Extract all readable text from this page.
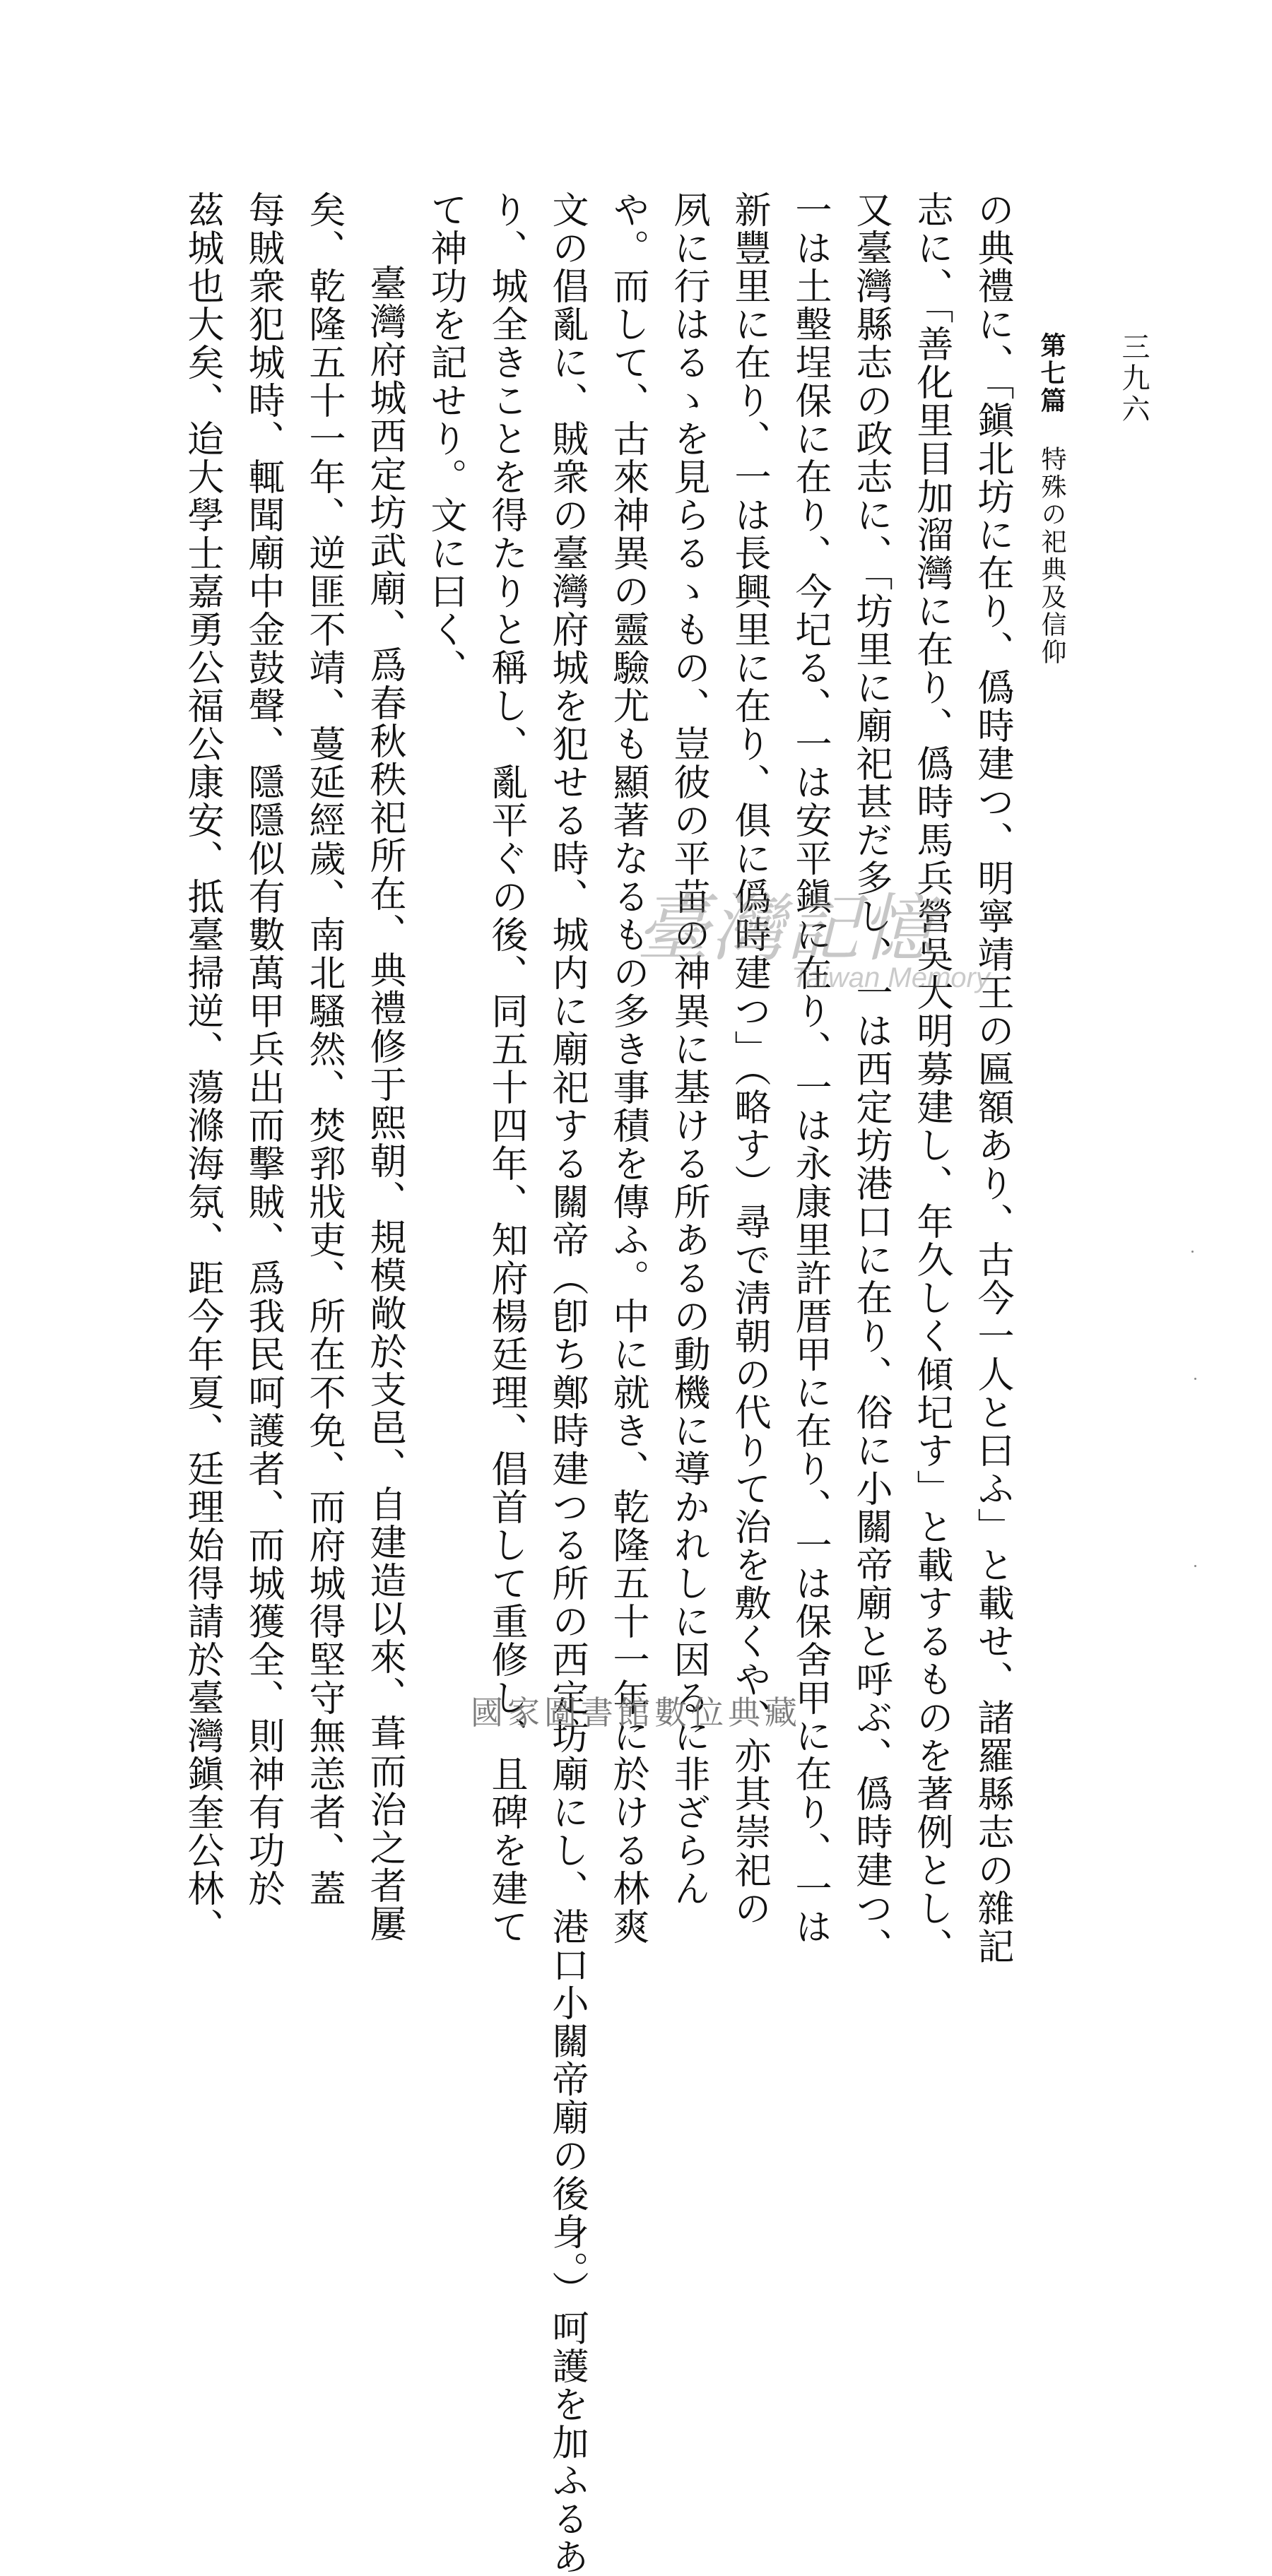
三九六
第七篇特殊の祀典及信仰
の典禮に、「鎭北坊に在り、僞時建つ、明寧靖王の匾額あり、古今一人と曰ふ」と載せ、諸羅縣志の雜記
志に、「善化里目加溜灣に在り、僞時馬兵營吳大明募建し、年久しく傾圮す」と載するものを著例とし、
又臺灣縣志の政志に、「坊里に廟祀甚だ多し、一は西定坊港口に在り、俗に小關帝廟と呼ぶ、僞時建つ、
一は土墼埕保に在り、今圮る、一は安平鎭に在り、一は永康里許厝甲に在り、一は保舍甲に在り、一は
新豐里に在り、一は長興里に在り、俱に僞時建つ」（略す）尋で淸朝の代りて治を敷くや、亦其崇祀の
夙に行はるゝを見らるゝもの、豈彼の平苗の神異に基ける所あるの動機に導かれしに因るに非ざらん
や。而して、古來神異の靈驗尤も顯著なるもの多き事積を傳ふ。中に就き、乾隆五十一年に於ける林爽
文の倡亂に、賊衆の臺灣府城を犯せる時、城内に廟祀する關帝（卽ち鄭時建つる所の西定坊廟にし、港口小關帝廟の後身。）呵護を加ふるあ
り、城全きことを得たりと稱し、亂平ぐの後、同五十四年、知府楊廷理、倡首して重修し、且碑を建て
て神功を記せり。文に曰く、
臺灣府城西定坊武廟、爲春秋秩祀所在、典禮修于熙朝、規模敞於支邑、自建造以來、葺而治之者屢
矣、乾隆五十一年、逆匪不靖、蔓延經歲、南北騷然、焚郛戕吏、所在不免、而府城得堅守無恙者、蓋
每賊衆犯城時、輒聞廟中金鼓聲、隱隱似有數萬甲兵出而擊賊、爲我民呵護者、而城獲全、則神有功於
茲城也大矣、迨大學士嘉勇公福公康安、抵臺掃逆、蕩滌海氛、距今年夏、廷理始得請於臺灣鎭奎公林、	臺灣記憶
Taiwan Memory
國家圖書館數位典藏
